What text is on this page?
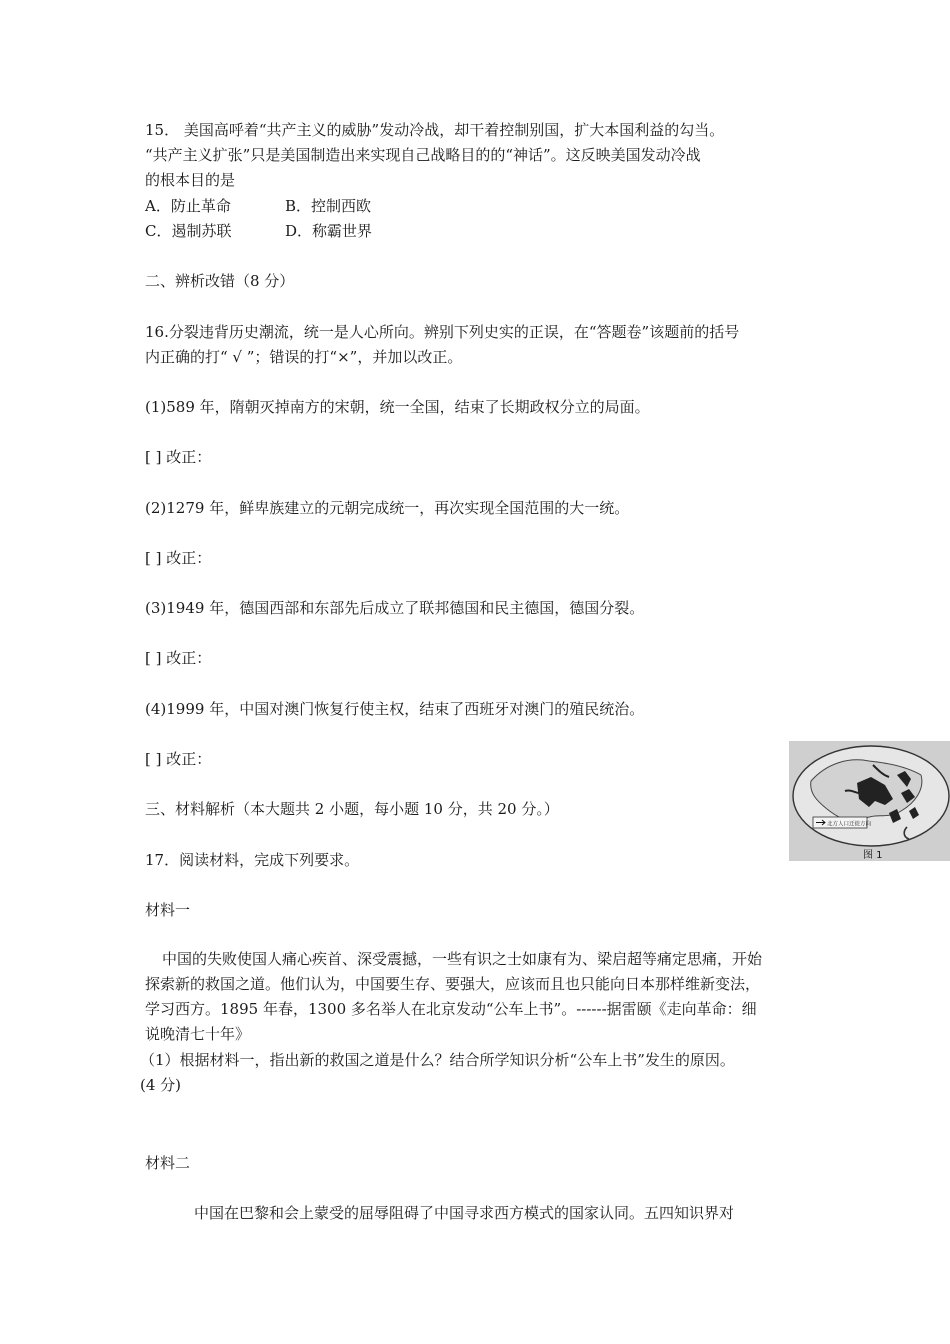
15． 美国高呼着“共产主义的威胁”发动冷战，却干着控制别国，扩大本国利益的勾当。
“共产主义扩张”只是美国制造出来实现自己战略目的的“神话”。这反映美国发动冷战
的根本目的是
A．防止革命	B．控制西欧
C．遏制苏联	D．称霸世界
二、辨析改错（8 分）
16.分裂违背历史潮流，统一是人心所向。辨别下列史实的正误，在“答题卷”该题前的括号
内正确的打“ √ ”；错误的打“×”，并加以改正。
(1)589 年，隋朝灭掉南方的宋朝，统一全国，结束了长期政权分立的局面。
[ ] 改正：
(2)1279 年，鲜卑族建立的元朝完成统一，再次实现全国范围的大一统。
[ ] 改正：
(3)1949 年，德国西部和东部先后成立了联邦德国和民主德国，德国分裂。
[ ] 改正：
(4)1999 年，中国对澳门恢复行使主权，结束了西班牙对澳门的殖民统治。
[ ] 改正：
三、材料解析（本大题共 2 小题，每小题 10 分，共 20 分。）
17．阅读材料，完成下列要求。
材料一
中国的失败使国人痛心疾首、深受震撼，一些有识之士如康有为、梁启超等痛定思痛，开始
探索新的救国之道。他们认为，中国要生存、要强大，应该而且也只能向日本那样维新变法，
学习西方。1895 年春，1300 多名举人在北京发动“公车上书”。------据雷颐《走向革命：细
说晚清七十年》
（1）根据材料一，指出新的救国之道是什么？结合所学知识分析“公车上书”发生的原因。
(4 分)
材料二
中国在巴黎和会上蒙受的屈辱阻碍了中国寻求西方模式的国家认同。五四知识界对
北方人口迁徙方向
图 1
